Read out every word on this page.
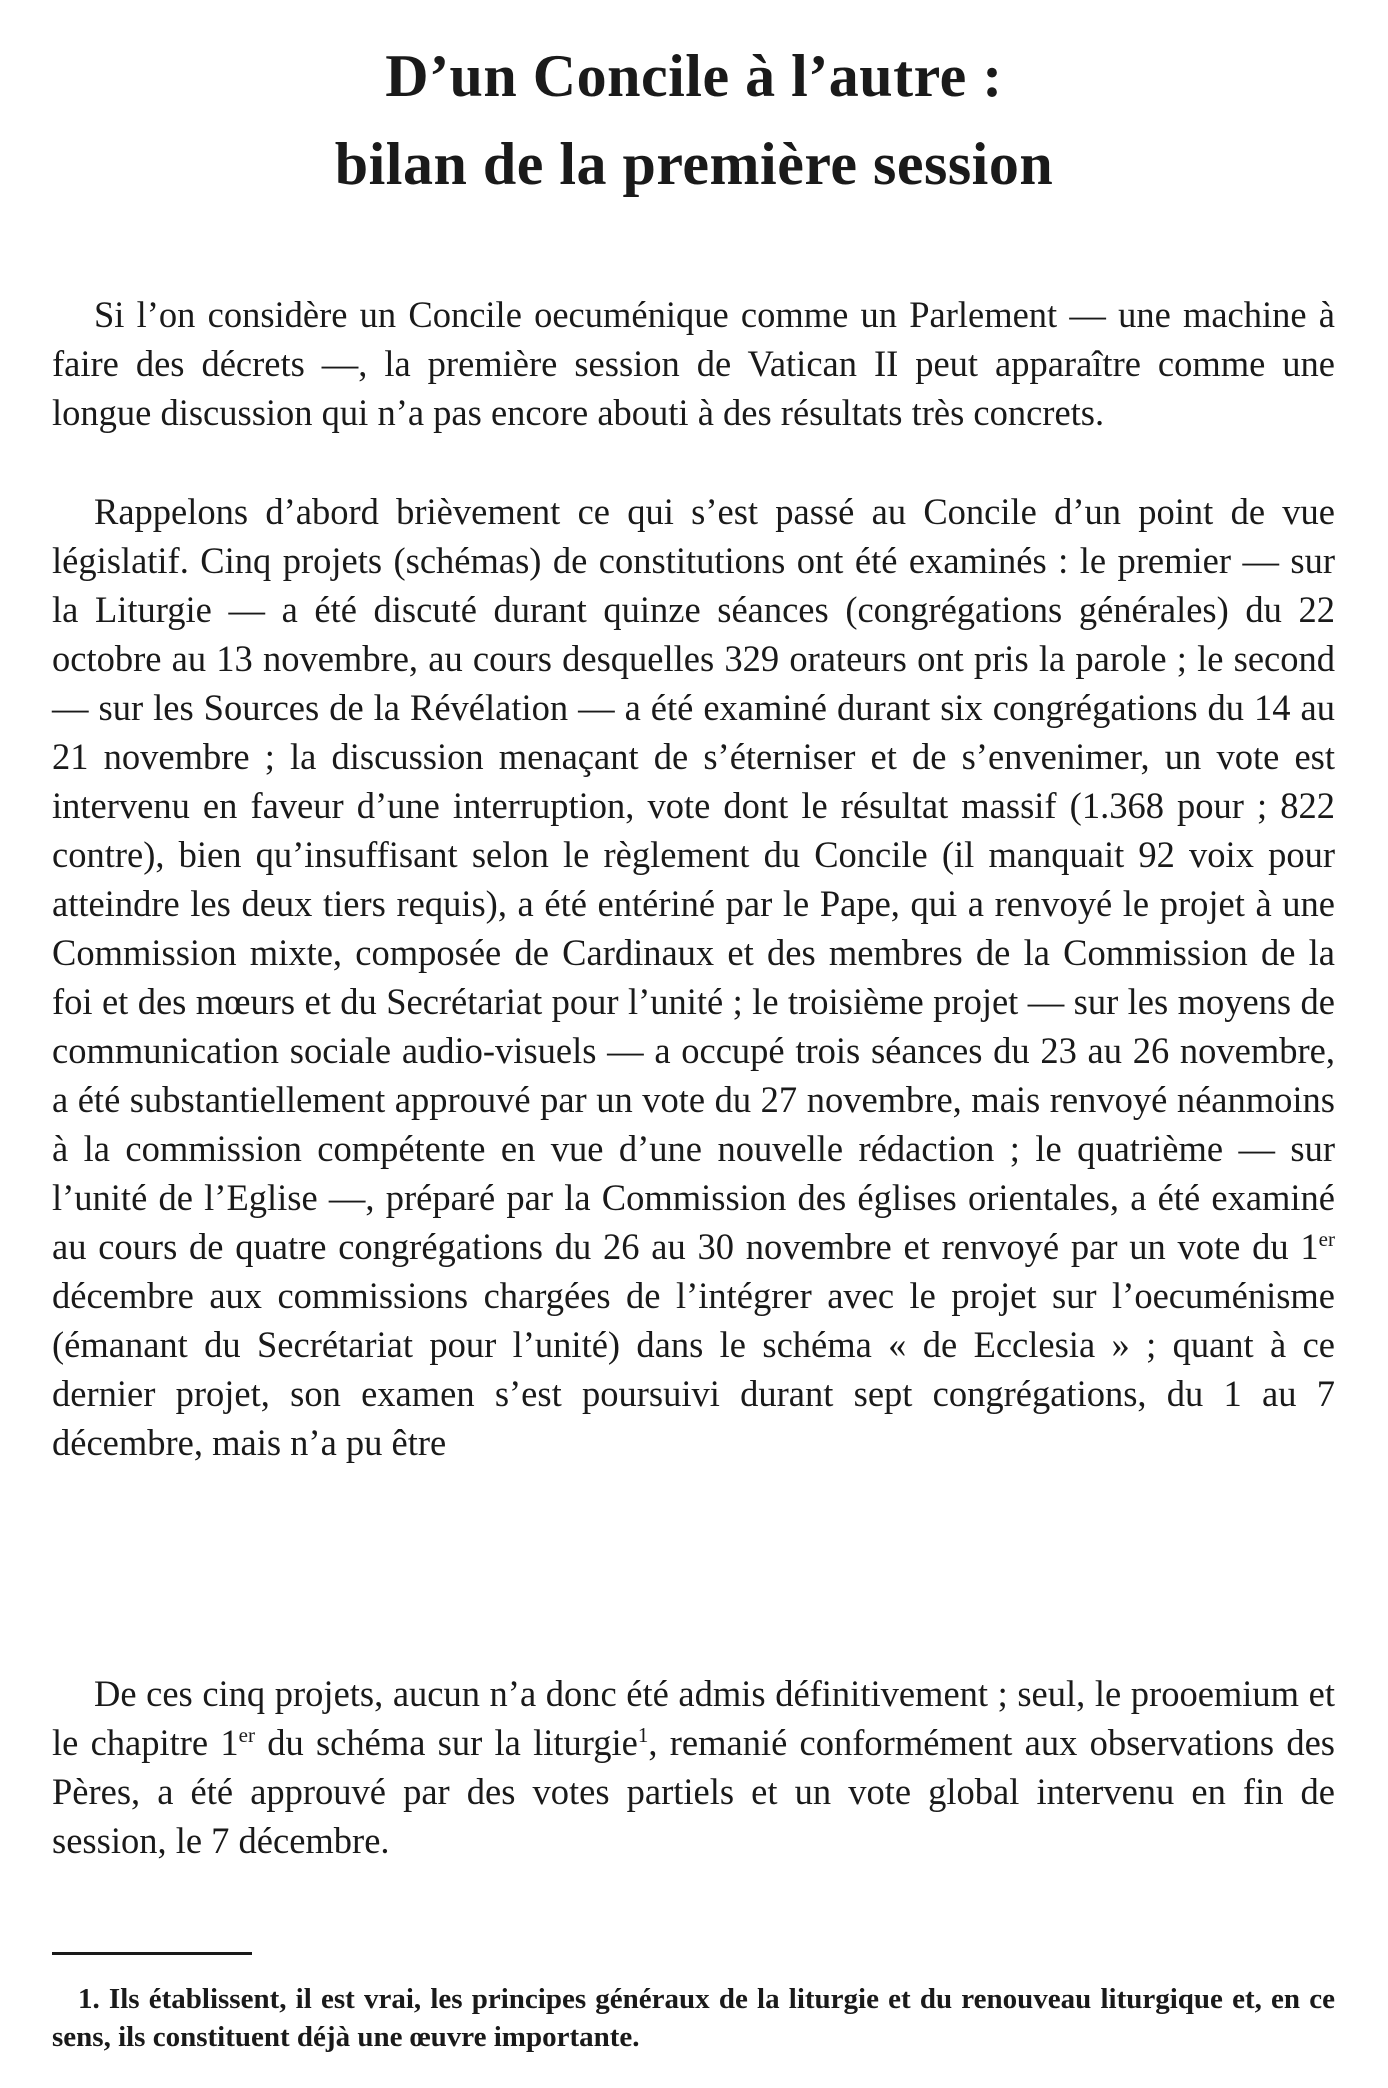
D’un Concile à l’autre :
bilan de la première session

Si l’on considère un Concile oecuménique comme un Parlement — une machine à faire des décrets —, la première session de Vatican II peut apparaître comme une longue discussion qui n’a pas encore abouti à des résultats très concrets.

Rappelons d’abord brièvement ce qui s’est passé au Concile d’un point de vue législatif. Cinq projets (schémas) de constitutions ont été examinés : le premier — sur la Liturgie — a été discuté durant quinze séances (congrégations générales) du 22 octobre au 13 novembre, au cours desquelles 329 orateurs ont pris la parole ; le second — sur les Sources de la Révélation — a été examiné durant six congrégations du 14 au 21 novembre ; la discussion menaçant de s’éterniser et de s’envenimer, un vote est intervenu en faveur d’une interruption, vote dont le résultat massif (1.368 pour ; 822 contre), bien qu’insuffisant selon le règlement du Concile (il manquait 92 voix pour atteindre les deux tiers requis), a été entériné par le Pape, qui a renvoyé le projet à une Commission mixte, composée de Cardinaux et des membres de la Commission de la foi et des mœurs et du Secrétariat pour l’unité ; le troisième projet — sur les moyens de communication sociale audio-visuels — a occupé trois séances du 23 au 26 novembre, a été substantiellement approuvé par un vote du 27 novembre, mais renvoyé néanmoins à la commission compétente en vue d’une nouvelle rédaction ; le quatrième — sur l’unité de l’Eglise —, préparé par la Commission des églises orientales, a été examiné au cours de quatre congrégations du 26 au 30 novembre et renvoyé par un vote du 1er décembre aux commissions chargées de l’intégrer avec le projet sur l’oecuménisme (émanant du Secrétariat pour l’unité) dans le schéma « de Ecclesia » ; quant à ce dernier projet, son examen s’est poursuivi durant sept congrégations, du 1 au 7 décembre, mais n’a pu être

De ces cinq projets, aucun n’a donc été admis définitivement ; seul, le prooemium et le chapitre 1er du schéma sur la liturgie$^1$, remanié conformément aux observations des Pères, a été approuvé par des votes partiels et un vote global intervenu en fin de session, le 7 décembre.

1. Ils établissent, il est vrai, les principes généraux de la liturgie et du renouveau liturgique et, en ce sens, ils constituent déjà une œuvre importante.
